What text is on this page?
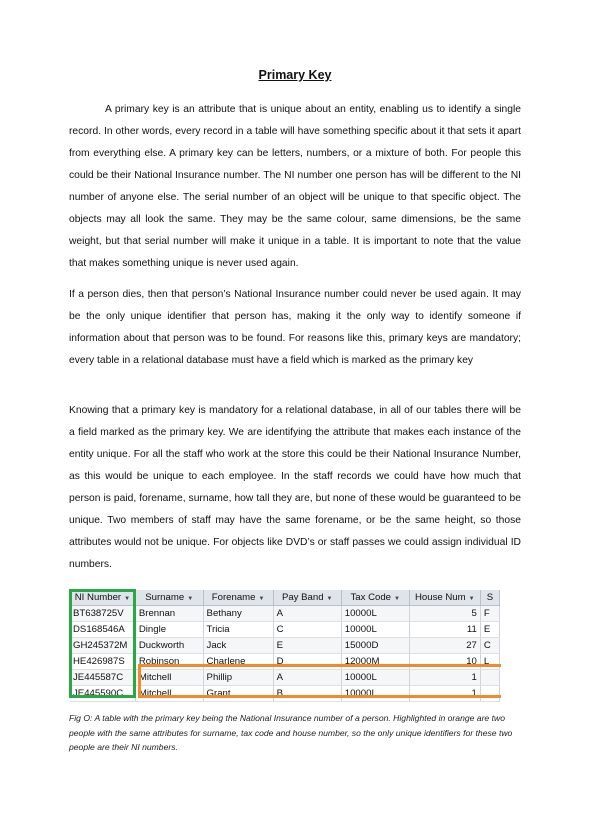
Primary Key

A primary key is an attribute that is unique about an entity, enabling us to identify a single record. In other words, every record in a table will have something specific about it that sets it apart from everything else. A primary key can be letters, numbers, or a mixture of both. For people this could be their National Insurance number. The NI number one person has will be different to the NI number of anyone else. The serial number of an object will be unique to that specific object. The objects may all look the same. They may be the same colour, same dimensions, be the same weight, but that serial number will make it unique in a table. It is important to note that the value that makes something unique is never used again.

If a person dies, then that person’s National Insurance number could never be used again. It may be the only unique identifier that person has, making it the only way to identify someone if information about that person was to be found. For reasons like this, primary keys are mandatory; every table in a relational database must have a field which is marked as the primary key

Knowing that a primary key is mandatory for a relational database, in all of our tables there will be a field marked as the primary key. We are identifying the attribute that makes each instance of the entity unique. For all the staff who work at the store this could be their National Insurance Number, as this would be unique to each employee. In the staff records we could have how much that person is paid, forename, surname, how tall they are, but none of these would be guaranteed to be unique. Two members of staff may have the same forename, or be the same height, so those attributes would not be unique. For objects like DVD’s or staff passes we could assign individual ID numbers.

NI Number ▼	Surname ▼	Forename ▼	Pay Band ▼	Tax Code ▼	House Num ▼	S
BT638725V	Brennan	Bethany	A	10000L	5	F
DS168546A	Dingle	Tricia	C	10000L	11	E
GH245372M	Duckworth	Jack	E	15000D	27	C
HE426987S	Robinson	Charlene	D	12000M	10	L
JE445587C	Mitchell	Phillip	A	10000L	1	
JE445590C	Mitchell	Grant	B	10000L	1	

Fig O: A table with the primary key being the National Insurance number of a person. Highlighted in orange are two people with the same attributes for surname, tax code and house number, so the only unique identifiers for these two people are their NI numbers.
